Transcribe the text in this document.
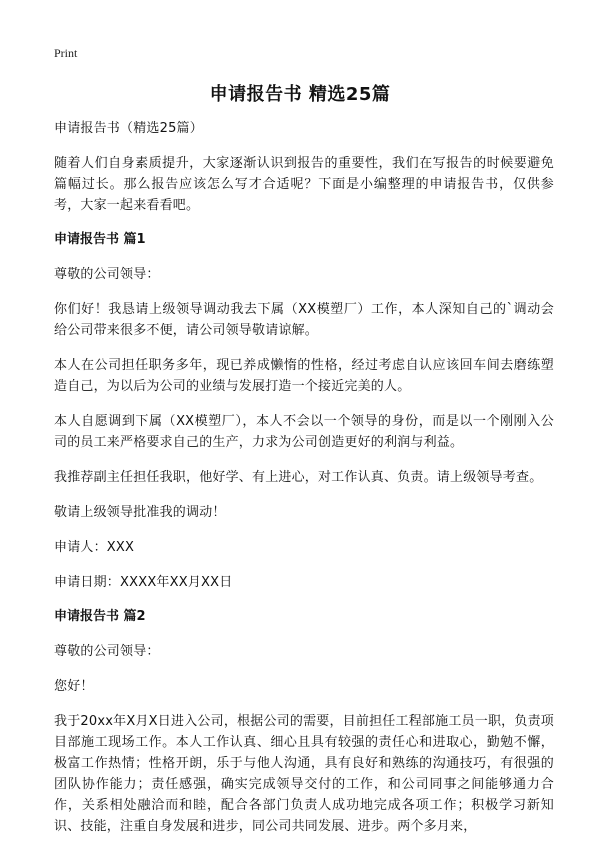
Print
申请报告书 精选25篇

申请报告书（精选25篇）

随着人们自身素质提升，大家逐渐认识到报告的重要性，我们在写报告的时候要避免篇幅过长。那么报告应该怎么写才合适呢？下面是小编整理的申请报告书，仅供参考，大家一起来看看吧。

申请报告书 篇1

尊敬的公司领导：

你们好！我恳请上级领导调动我去下属（XX模塑厂）工作，本人深知自己的`调动会给公司带来很多不便，请公司领导敬请谅解。

本人在公司担任职务多年，现已养成懒惰的性格，经过考虑自认应该回车间去磨练塑造自己，为以后为公司的业绩与发展打造一个接近完美的人。

本人自愿调到下属（XX模塑厂），本人不会以一个领导的身份，而是以一个刚刚入公司的员工来严格要求自己的生产，力求为公司创造更好的利润与利益。

我推荐副主任担任我职，他好学、有上进心，对工作认真、负责。请上级领导考查。

敬请上级领导批准我的调动！

申请人：XXX

申请日期：XXXX年XX月XX日

申请报告书 篇2

尊敬的公司领导：

您好！

我于20xx年X月X日进入公司，根据公司的需要，目前担任工程部施工员一职，负责项目部施工现场工作。本人工作认真、细心且具有较强的责任心和进取心，勤勉不懈，极富工作热情；性格开朗，乐于与他人沟通，具有良好和熟练的沟通技巧，有很强的团队协作能力；责任感强，确实完成领导交付的工作，和公司同事之间能够通力合作，关系相处融洽而和睦，配合各部门负责人成功地完成各项工作；积极学习新知识、技能，注重自身发展和进步，同公司共同发展、进步。两个多月来，
